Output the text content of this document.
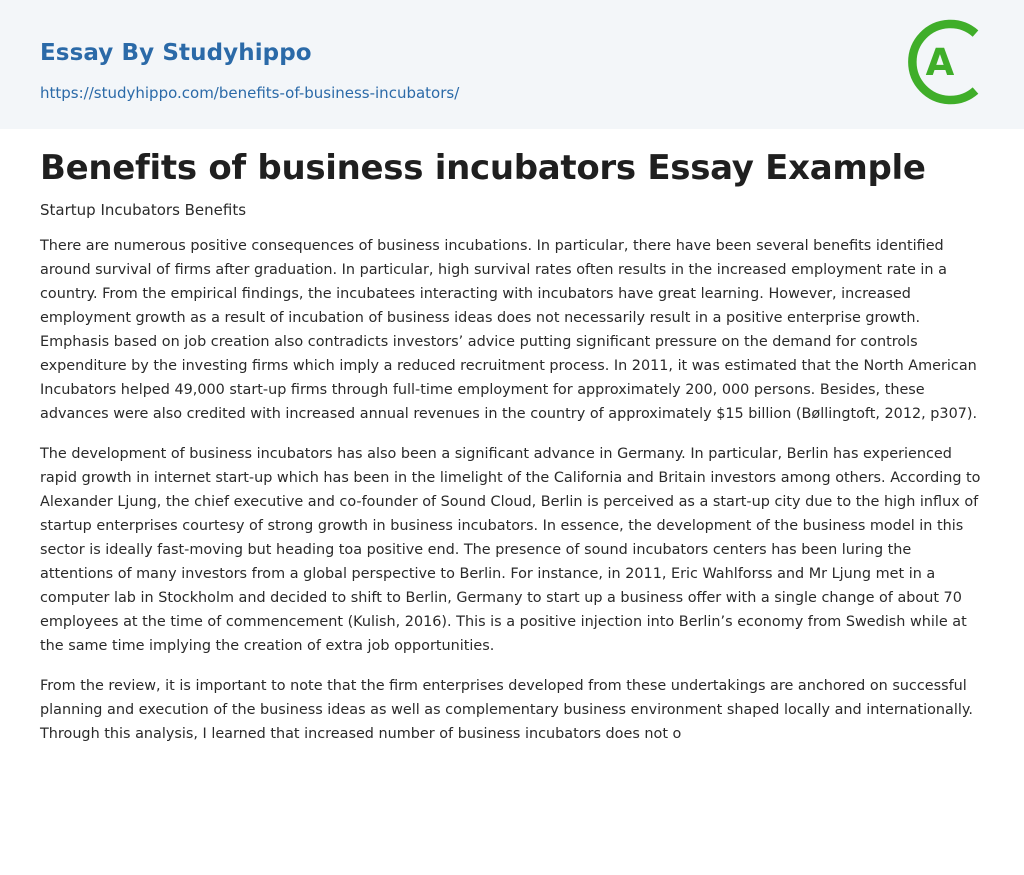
Essay By Studyhippo
https://studyhippo.com/benefits-of-business-incubators/
A
Benefits of business incubators Essay Example

Startup Incubators Benefits

There are numerous positive consequences of business incubations. In particular, there have been several benefits identified around survival of firms after graduation. In particular, high survival rates often results in the increased employment rate in a country. From the empirical findings, the incubatees interacting with incubators have great learning. However, increased employment growth as a result of incubation of business ideas does not necessarily result in a positive enterprise growth. Emphasis based on job creation also contradicts investors’ advice putting significant pressure on the demand for controls expenditure by the investing firms which imply a reduced recruitment process. In 2011, it was estimated that the North American Incubators helped 49,000 start-up firms through full-time employment for approximately 200, 000 persons. Besides, these advances were also credited with increased annual revenues in the country of approximately $15 billion (Bøllingtoft, 2012, p307).

The development of business incubators has also been a significant advance in Germany. In particular, Berlin has experienced rapid growth in internet start-up which has been in the limelight of the California and Britain investors among others. According to Alexander Ljung, the chief executive and co-founder of Sound Cloud, Berlin is perceived as a start-up city due to the high influx of startup enterprises courtesy of strong growth in business incubators. In essence, the development of the business model in this sector is ideally fast-moving but heading toa positive end. The presence of sound incubators centers has been luring the attentions of many investors from a global perspective to Berlin. For instance, in 2011, Eric Wahlforss and Mr Ljung met in a computer lab in Stockholm and decided to shift to Berlin, Germany to start up a business offer with a single change of about 70 employees at the time of commencement (Kulish, 2016). This is a positive injection into Berlin’s economy from Swedish while at the same time implying the creation of extra job opportunities.

From the review, it is important to note that the firm enterprises developed from these undertakings are anchored on successful planning and execution of the business ideas as well as complementary business environment shaped locally and internationally. Through this analysis, I learned that increased number of business incubators does not o
